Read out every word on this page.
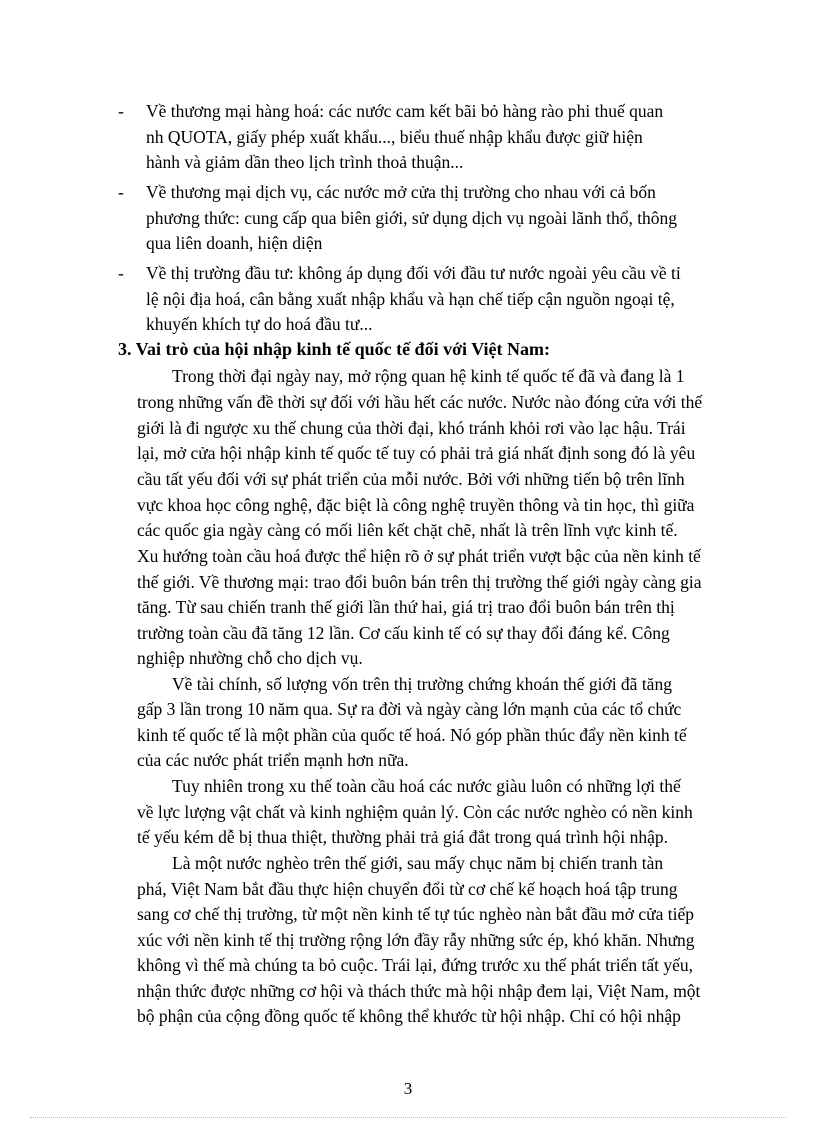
-	Về thương mại hàng hoá: các nước cam kết bãi bỏ hàng rào phi thuế quan
nh QUOTA, giấy phép xuất khẩu..., biểu thuế nhập khẩu được giữ hiện
hành và giảm dần theo lịch trình thoả thuận...
-	Về thương mại dịch vụ, các nước mở cửa thị trường cho nhau với cả bốn
phương thức: cung cấp qua biên giới, sử dụng dịch vụ ngoài lãnh thổ, thông
qua liên doanh, hiện diện
-	Về thị trường đầu tư: không áp dụng đối với đầu tư nước ngoài yêu cầu về tỉ
lệ nội địa hoá, cân bằng xuất nhập khẩu và hạn chế tiếp cận nguồn ngoại tệ,
khuyến khích tự do hoá đầu tư...
3. Vai trò của hội nhập kinh tế quốc tế đối với Việt Nam:
Trong thời đại ngày nay, mở rộng quan hệ kinh tế quốc tế đã và đang là 1
trong những vấn đề thời sự đối với hầu hết các nước. Nước nào đóng cửa với thế
giới là đi ngược xu thế chung của thời đại, khó tránh khỏi rơi vào lạc hậu. Trái
lại, mở cửa hội nhập kinh tế quốc tế tuy có phải trả giá nhất định song đó là yêu
cầu tất yếu đối với sự phát triển của mỗi nước. Bởi với những tiến bộ trên lĩnh
vực khoa học công nghệ, đặc biệt là công nghệ truyền thông và tin học, thì giữa
các quốc gia ngày càng có mối liên kết chặt chẽ, nhất là trên lĩnh vực kinh tế.
Xu hướng toàn cầu hoá được thể hiện rõ ở sự phát triển vượt bậc của nền kinh tế
thế giới. Về thương mại: trao đổi buôn bán trên thị trường thế giới ngày càng gia
tăng. Từ sau chiến tranh thế giới lần thứ hai, giá trị trao đổi buôn bán trên thị
trường toàn cầu đã tăng 12 lần. Cơ cấu kinh tế có sự thay đổi đáng kể. Công
nghiệp nhường chỗ cho dịch vụ.
Về tài chính, số lượng vốn trên thị trường chứng khoán thế giới đã tăng
gấp 3 lần trong 10 năm qua. Sự ra đời và ngày càng lớn mạnh của các tổ chức
kinh tế quốc tế là một phần của quốc tế hoá. Nó góp phần thúc đẩy nền kinh tế
của các nước phát triển mạnh hơn nữa.
Tuy nhiên trong xu thế toàn cầu hoá các nước giàu luôn có những lợi thế
về lực lượng vật chất và kinh nghiệm quản lý. Còn các nước nghèo có nền kinh
tế yếu kém dễ bị thua thiệt, thường phải trả giá đắt trong quá trình hội nhập.
Là một nước nghèo trên thế giới, sau mấy chục năm bị chiến tranh tàn
phá, Việt Nam bắt đầu thực hiện chuyển đổi từ cơ chế kế hoạch hoá tập trung
sang cơ chế thị trường, từ một nền kinh tế tự túc nghèo nàn bắt đầu mở cửa tiếp
xúc với nền kinh tế thị trường rộng lớn đầy rẫy những sức ép, khó khăn. Nhưng
không vì thế mà chúng ta bỏ cuộc. Trái lại, đứng trước xu thế phát triển tất yếu,
nhận thức được những cơ hội và thách thức mà hội nhập đem lại, Việt Nam, một
bộ phận của cộng đồng quốc tế không thể khước từ hội nhập. Chỉ có hội nhập
3
